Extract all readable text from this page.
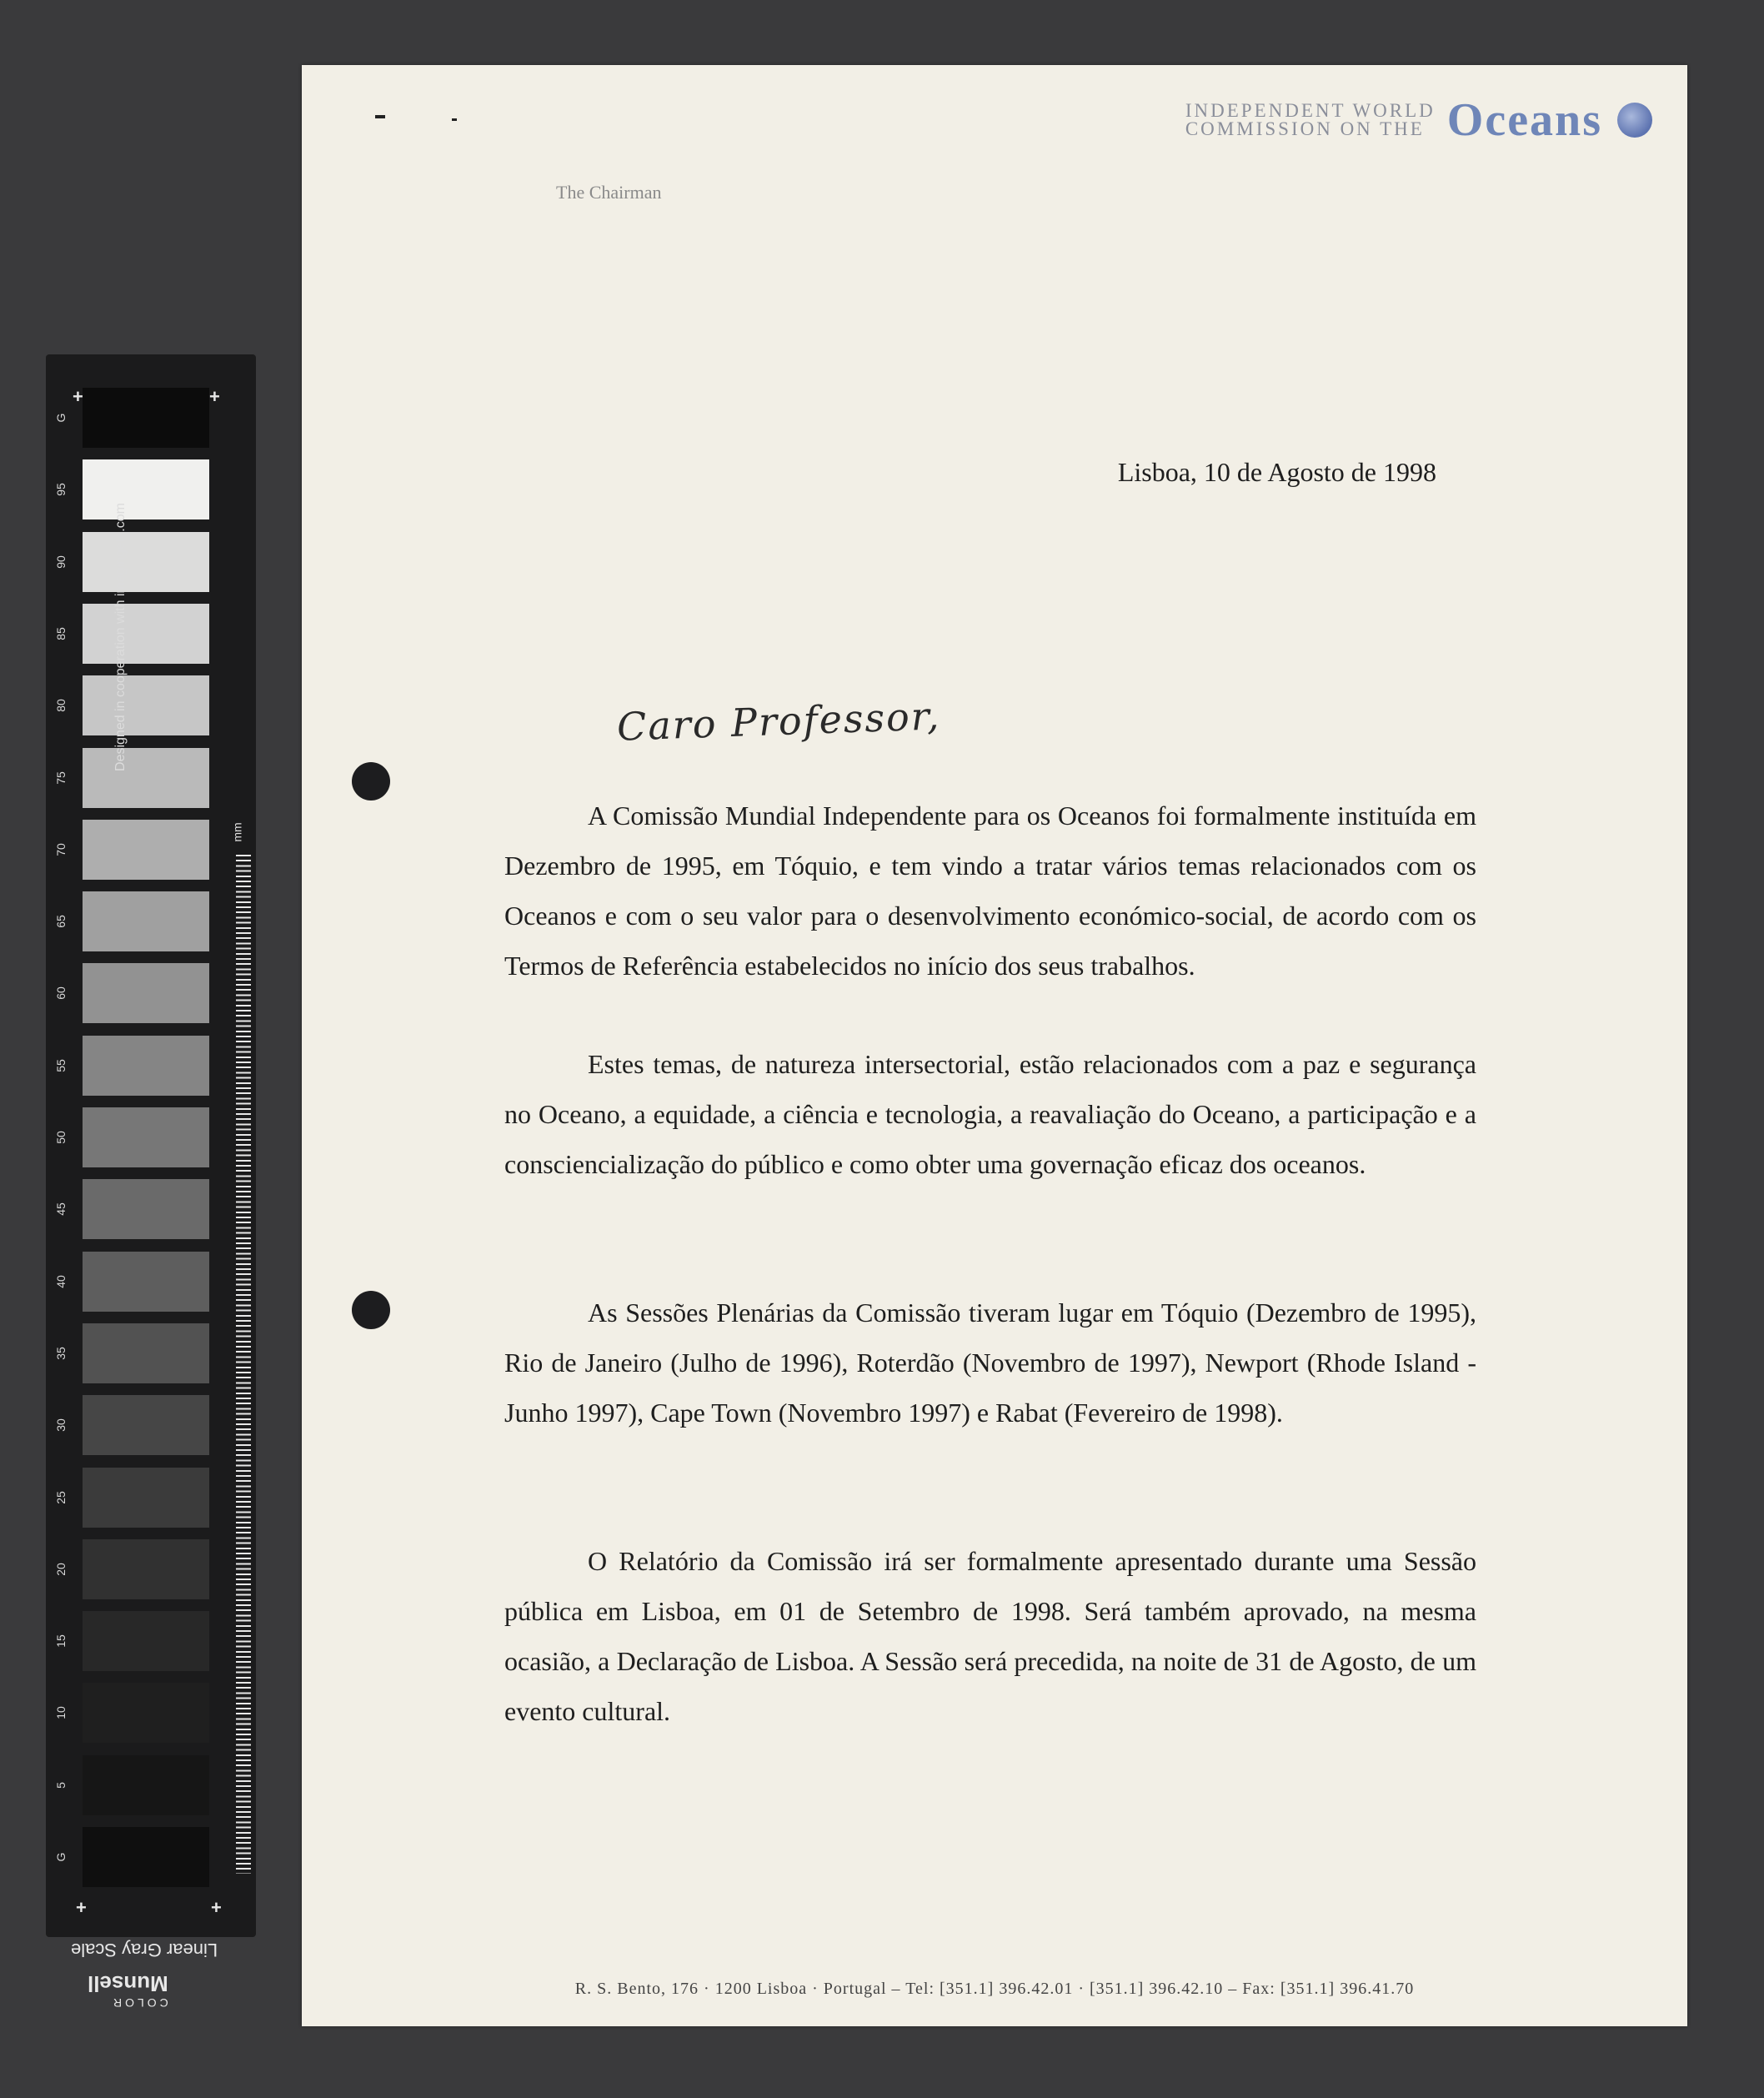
+	+
+	+
mm
Designed in cooperation with imagingetc.com
Linear Gray Scale
COLOR
Munsell
G
95
90
85
80
75
70
65
60
55
50
45
40
35
30
25
20
15
10
5
G
INDEPENDENT WORLD
COMMISSION ON THE Oceans
The Chairman
Lisboa, 10 de Agosto de 1998
Caro Professor,

A Comissão Mundial Independente para os Oceanos foi formalmente instituída em Dezembro de 1995, em Tóquio, e tem vindo a tratar vários temas relacionados com os Oceanos e com o seu valor para o desenvolvimento económico-social, de acordo com os Termos de Referência estabelecidos no início dos seus trabalhos.

Estes temas, de natureza intersectorial, estão relacionados com a paz e segurança no Oceano, a equidade, a ciência e tecnologia, a reavaliação do Oceano, a participação e a consciencialização do público e como obter uma governação eficaz dos oceanos.

As Sessões Plenárias da Comissão tiveram lugar em Tóquio (Dezembro de 1995), Rio de Janeiro (Julho de 1996), Roterdão (Novembro de 1997), Newport (Rhode Island - Junho 1997), Cape Town (Novembro 1997) e Rabat (Fevereiro de 1998).

O Relatório da Comissão irá ser formalmente apresentado durante uma Sessão pública em Lisboa, em 01 de Setembro de 1998. Será também aprovado, na mesma ocasião, a Declaração de Lisboa. A Sessão será precedida, na noite de 31 de Agosto, de um evento cultural.

R. S. Bento, 176 · 1200 Lisboa · Portugal – Tel: [351.1] 396.42.01 · [351.1] 396.42.10 – Fax: [351.1] 396.41.70
